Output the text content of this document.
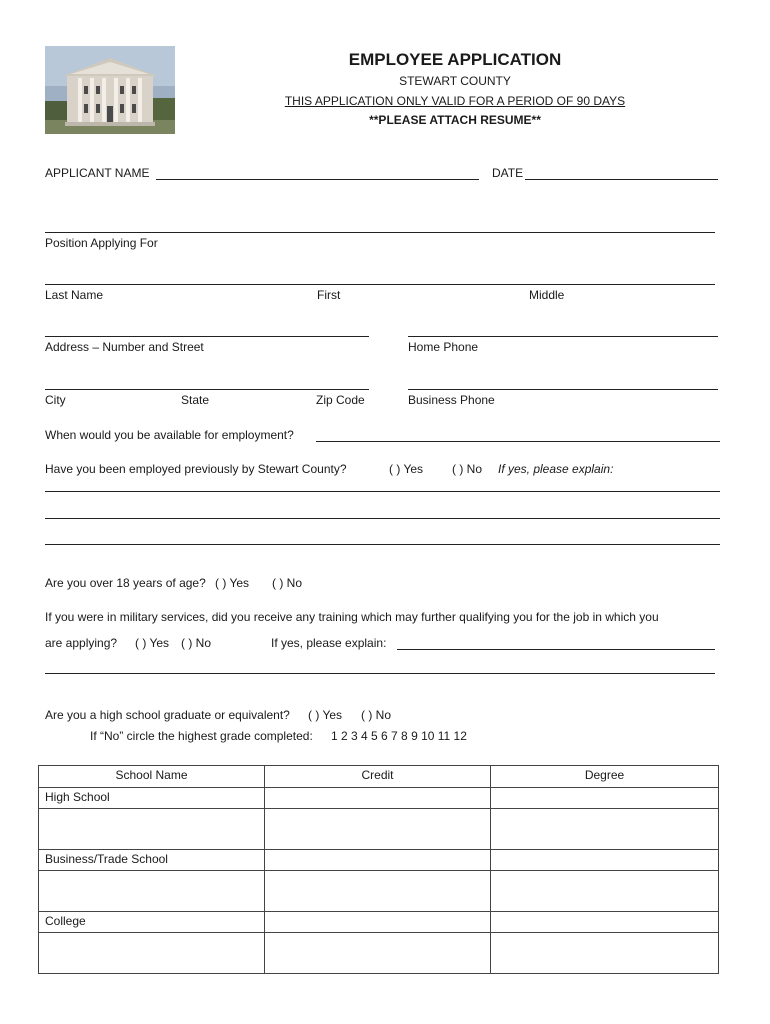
EMPLOYEE APPLICATION
STEWART COUNTY
THIS APPLICATION ONLY VALID FOR A PERIOD OF 90 DAYS
**PLEASE ATTACH RESUME**
APPLICANT NAME	DATE
Position Applying For
Last Name	First	Middle
Address – Number and Street	Home Phone
City	State	Zip Code	Business Phone
When would you be available for employment?
Have you been employed previously by Stewart County?	( ) Yes ( ) No If yes, please explain:
Are you over 18 years of age? ( ) Yes ( ) No
If you were in military services, did you receive any training which may further qualifying you for the job in which you
are applying? ( ) Yes ( ) No	If yes, please explain:
Are you a high school graduate or equivalent? ( ) Yes ( ) No
If “No” circle the highest grade completed: 1 2 3 4 5 6 7 8 9 10 11 12
School Name	Credit	Degree
High School		

Business/Trade School		

College		
